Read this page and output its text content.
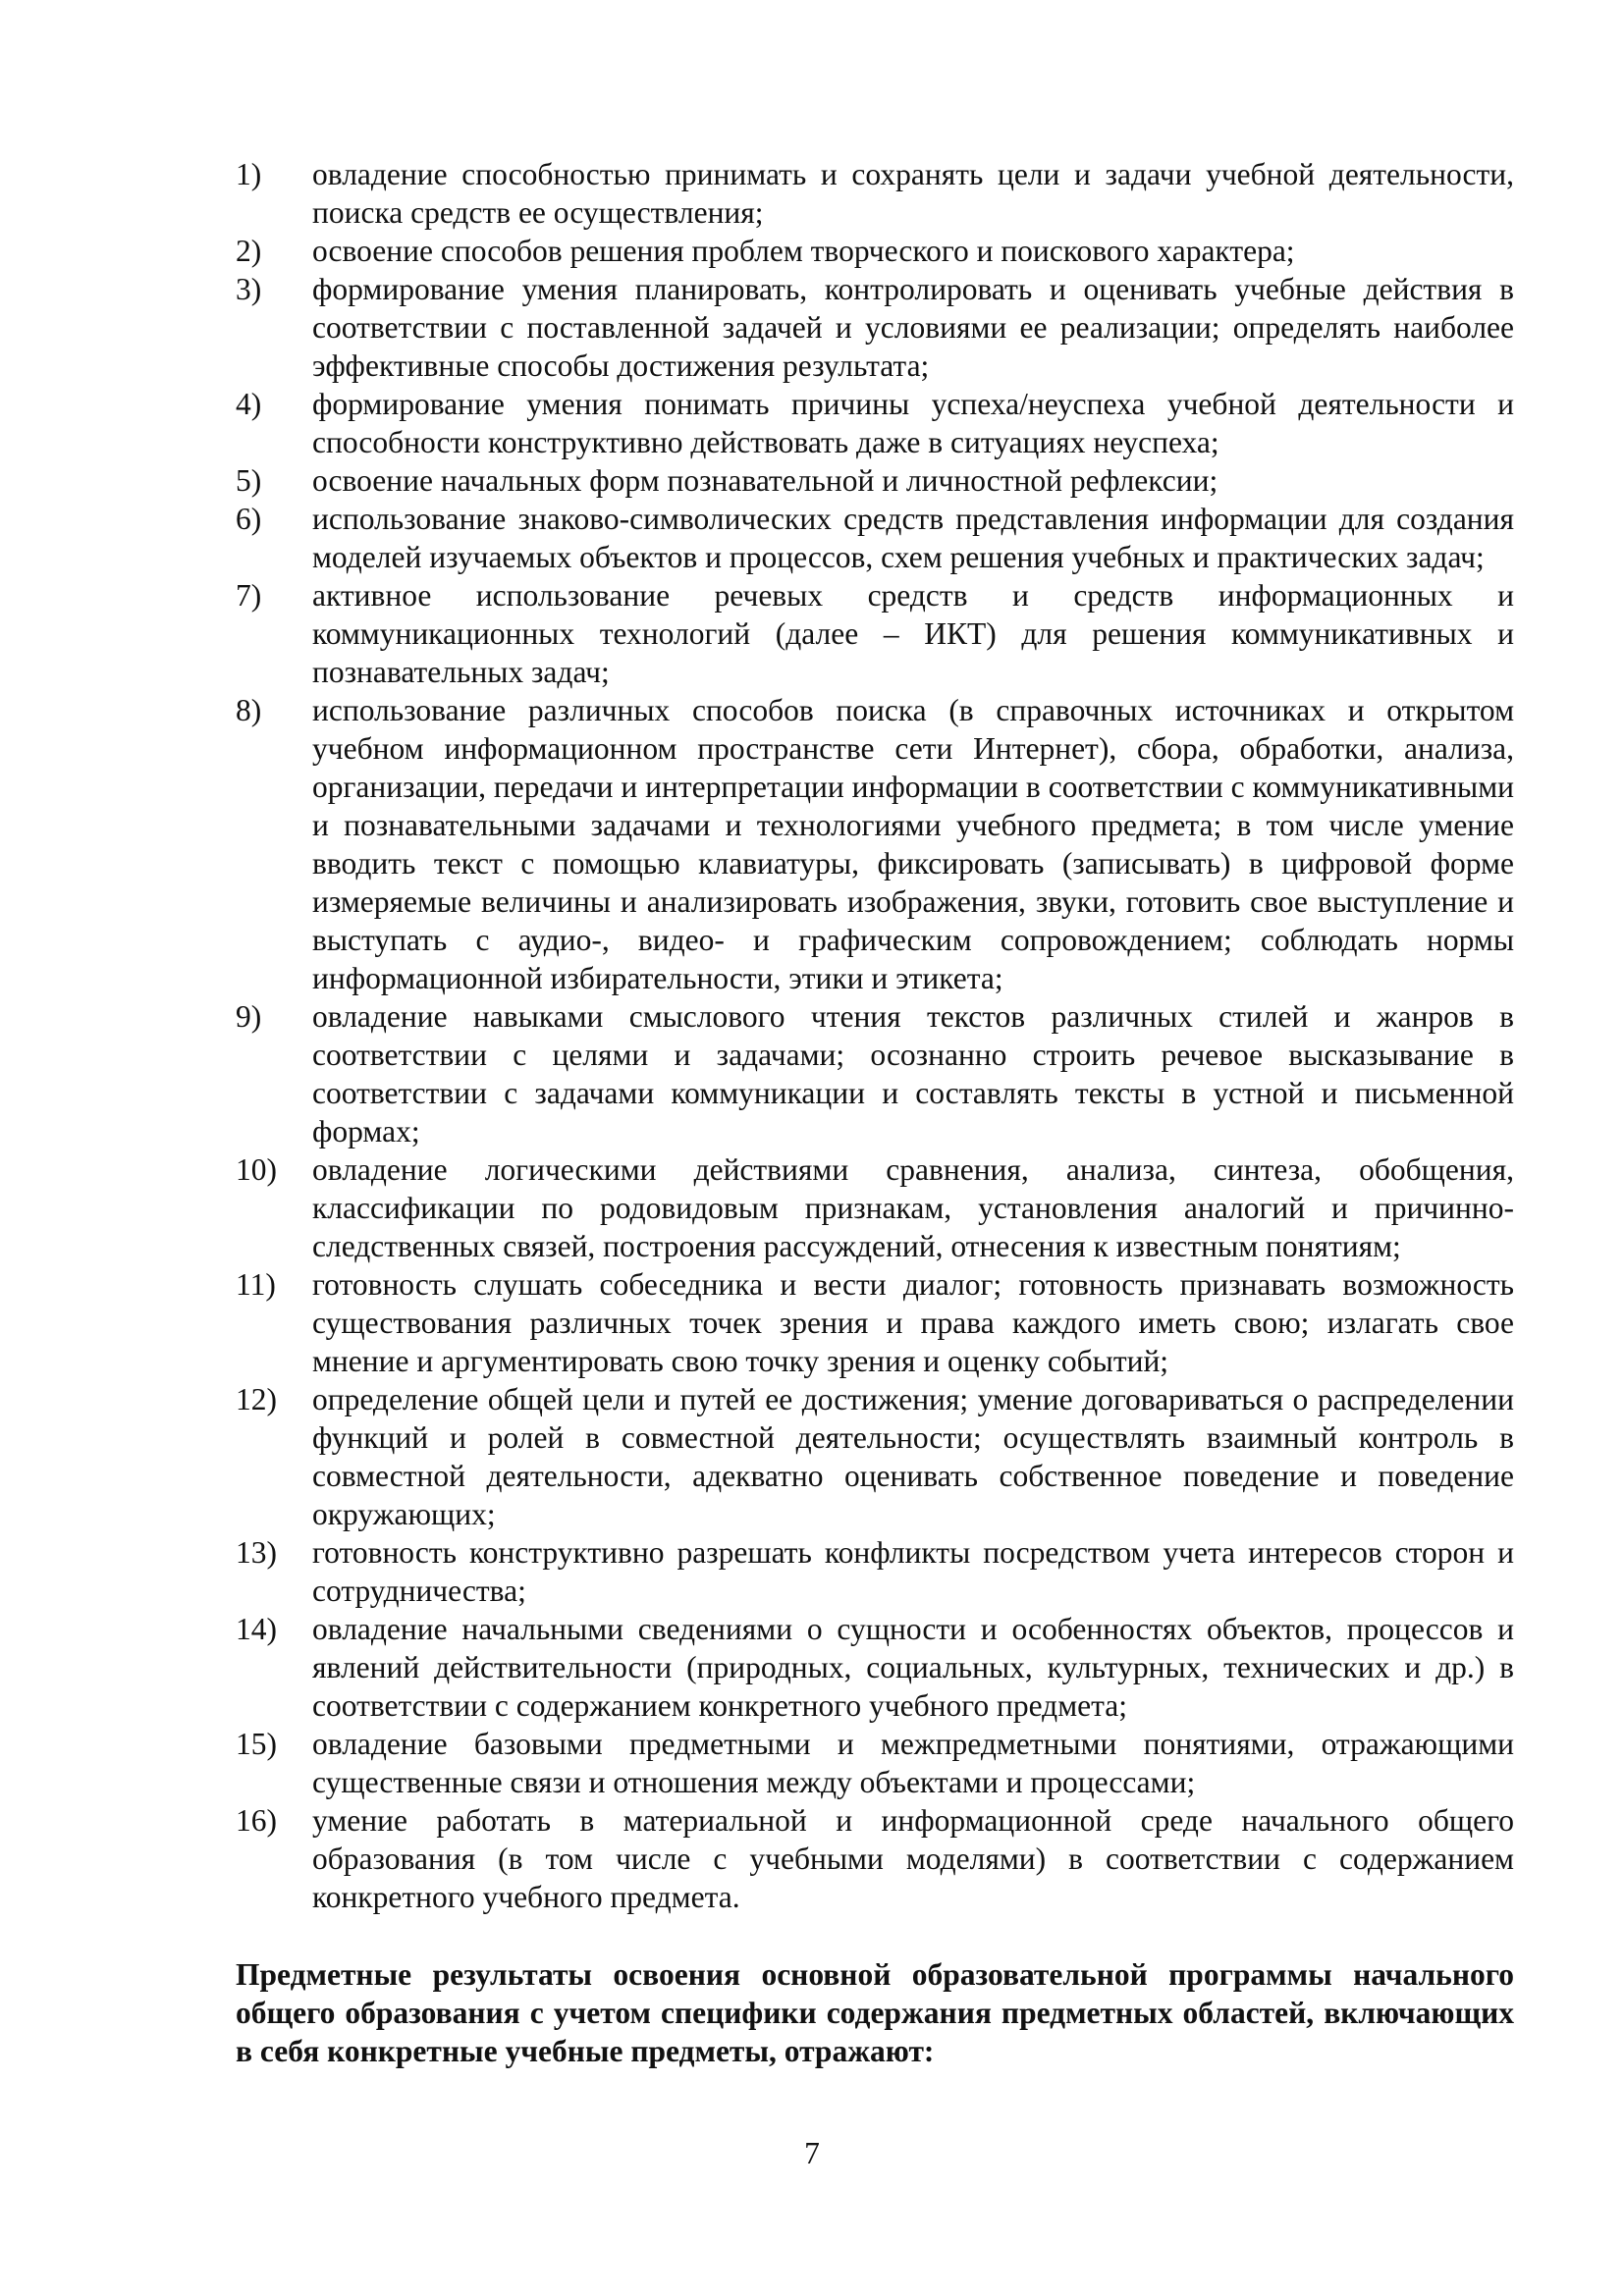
1)	овладение способностью принимать и сохранять цели и задачи учебной деятельности, поиска средств ее осуществления;
2)	освоение способов решения проблем творческого и поискового характера;
3)	формирование умения планировать, контролировать и оценивать учебные действия в соответствии с поставленной задачей и условиями ее реализации; определять наиболее эффективные способы достижения результата;
4)	формирование умения понимать причины успеха/неуспеха учебной деятельности и способности конструктивно действовать даже в ситуациях неуспеха;
5)	освоение начальных форм познавательной и личностной рефлексии;
6)	использование знаково-символических средств представления информации для создания моделей изучаемых объектов и процессов, схем решения учебных и практических задач;
7)	активное использование речевых средств и средств информационных и коммуникационных технологий (далее – ИКТ) для решения коммуникативных и познавательных задач;
8)	использование различных способов поиска (в справочных источниках и открытом учебном информационном пространстве сети Интернет), сбора, обработки, анализа, организации, передачи и интерпретации информации в соответствии с коммуникативными и познавательными задачами и технологиями учебного предмета; в том числе умение вводить текст с помощью клавиатуры, фиксировать (записывать) в цифровой форме измеряемые величины и анализировать изображения, звуки, готовить свое выступление и выступать с аудио-, видео- и графическим сопровождением; соблюдать нормы информационной избирательности, этики и этикета;
9)	овладение навыками смыслового чтения текстов различных стилей и жанров в соответствии с целями и задачами; осознанно строить речевое высказывание в соответствии с задачами коммуникации и составлять тексты в устной и письменной формах;
10)	овладение логическими действиями сравнения, анализа, синтеза, обобщения, классификации по родовидовым признакам, установления аналогий и причинно-следственных связей, построения рассуждений, отнесения к известным понятиям;
11)	готовность слушать собеседника и вести диалог; готовность признавать возможность существования различных точек зрения и права каждого иметь свою; излагать свое мнение и аргументировать свою точку зрения и оценку событий;
12)	определение общей цели и путей ее достижения; умение договариваться о распределении функций и ролей в совместной деятельности; осуществлять взаимный контроль в совместной деятельности, адекватно оценивать собственное поведение и поведение окружающих;
13)	готовность конструктивно разрешать конфликты посредством учета интересов сторон и сотрудничества;
14)	овладение начальными сведениями о сущности и особенностях объектов, процессов и явлений действительности (природных, социальных, культурных, технических и др.) в соответствии с содержанием конкретного учебного предмета;
15)	овладение базовыми предметными и межпредметными понятиями, отражающими существенные связи и отношения между объектами и процессами;
16)	умение работать в материальной и информационной среде начального общего образования (в том числе с учебными моделями) в соответствии с содержанием конкретного учебного предмета.

Предметные результаты освоения основной образовательной программы начального общего образования с учетом специфики содержания предметных областей, включающих в себя конкретные учебные предметы, отражают:

7
